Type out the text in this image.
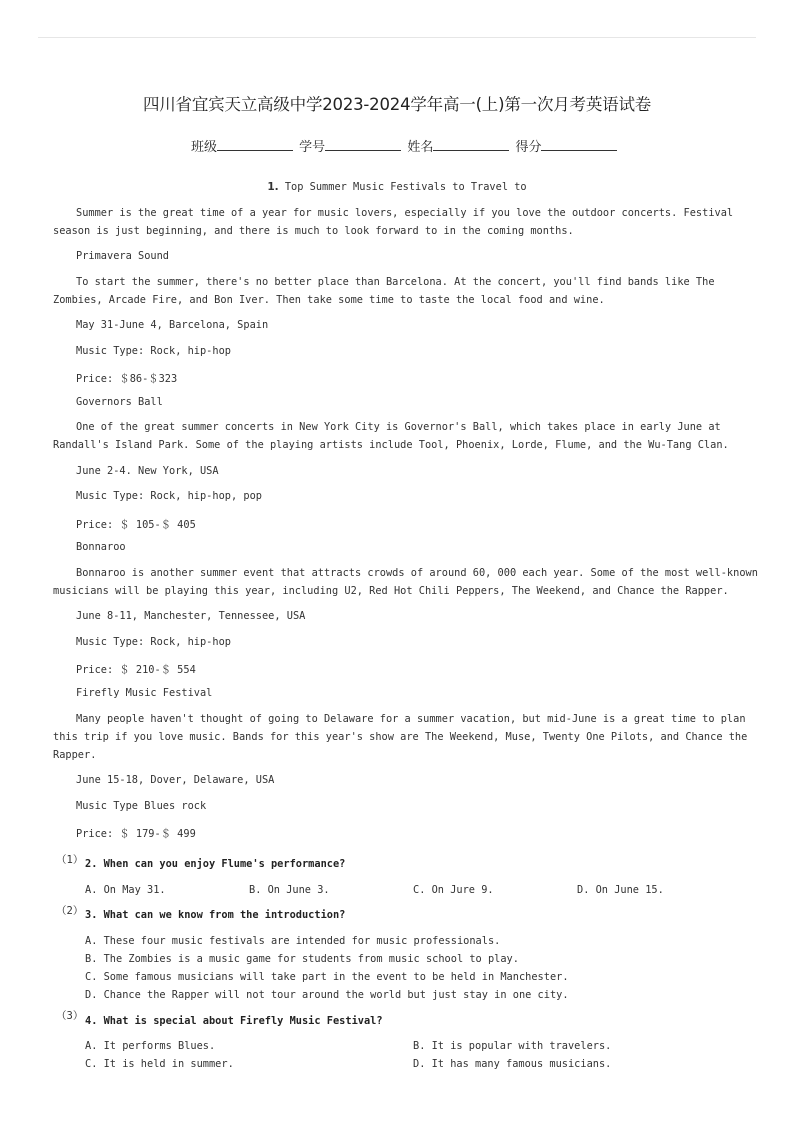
四川省宜宾天立高级中学2023-2024学年高一(上)第一次月考英语试卷
班级	学号	姓名	得分
1. Top Summer Music Festivals to Travel to
Summer is the great time of a year for music lovers, especially if you love the outdoor concerts. Festival
season is just beginning, and there is much to look forward to in the coming months.
Primavera Sound
To start the summer, there's no better place than Barcelona. At the concert, you'll find bands like The
Zombies, Arcade Fire, and Bon Iver. Then take some time to taste the local food and wine.
May 31-June 4, Barcelona, Spain
Music Type: Rock, hip-hop
Price: ＄86-＄323
Governors Ball
One of the great summer concerts in New York City is Governor's Ball, which takes place in early June at
Randall's Island Park. Some of the playing artists include Tool, Phoenix, Lorde, Flume, and the Wu-Tang Clan.
June 2-4. New York, USA
Music Type: Rock, hip-hop, pop
Price: ＄ 105-＄ 405
Bonnaroo
Bonnaroo is another summer event that attracts crowds of around 60, 000 each year. Some of the most well-known
musicians will be playing this year, including U2, Red Hot Chili Peppers, The Weekend, and Chance the Rapper.
June 8-11, Manchester, Tennessee, USA
Music Type: Rock, hip-hop
Price: ＄ 210-＄ 554
Firefly Music Festival
Many people haven't thought of going to Delaware for a summer vacation, but mid-June is a great time to plan
this trip if you love music. Bands for this year's show are The Weekend, Muse, Twenty One Pilots, and Chance the
Rapper.
June 15-18, Dover, Delaware, USA
Music Type Blues rock
Price: ＄ 179-＄ 499
（1） 2. When can you enjoy Flume's performance?
A. On May 31.	B. On June 3.	C. On Jure 9.	D. On June 15.
（2） 3. What can we know from the introduction?
A. These four music festivals are intended for music professionals.
B. The Zombies is a music game for students from music school to play.
C. Some famous musicians will take part in the event to be held in Manchester.
D. Chance the Rapper will not tour around the world but just stay in one city.
（3） 4. What is special about Firefly Music Festival?
A. It performs Blues.	B. It is popular with travelers.
C. It is held in summer.	D. It has many famous musicians.
